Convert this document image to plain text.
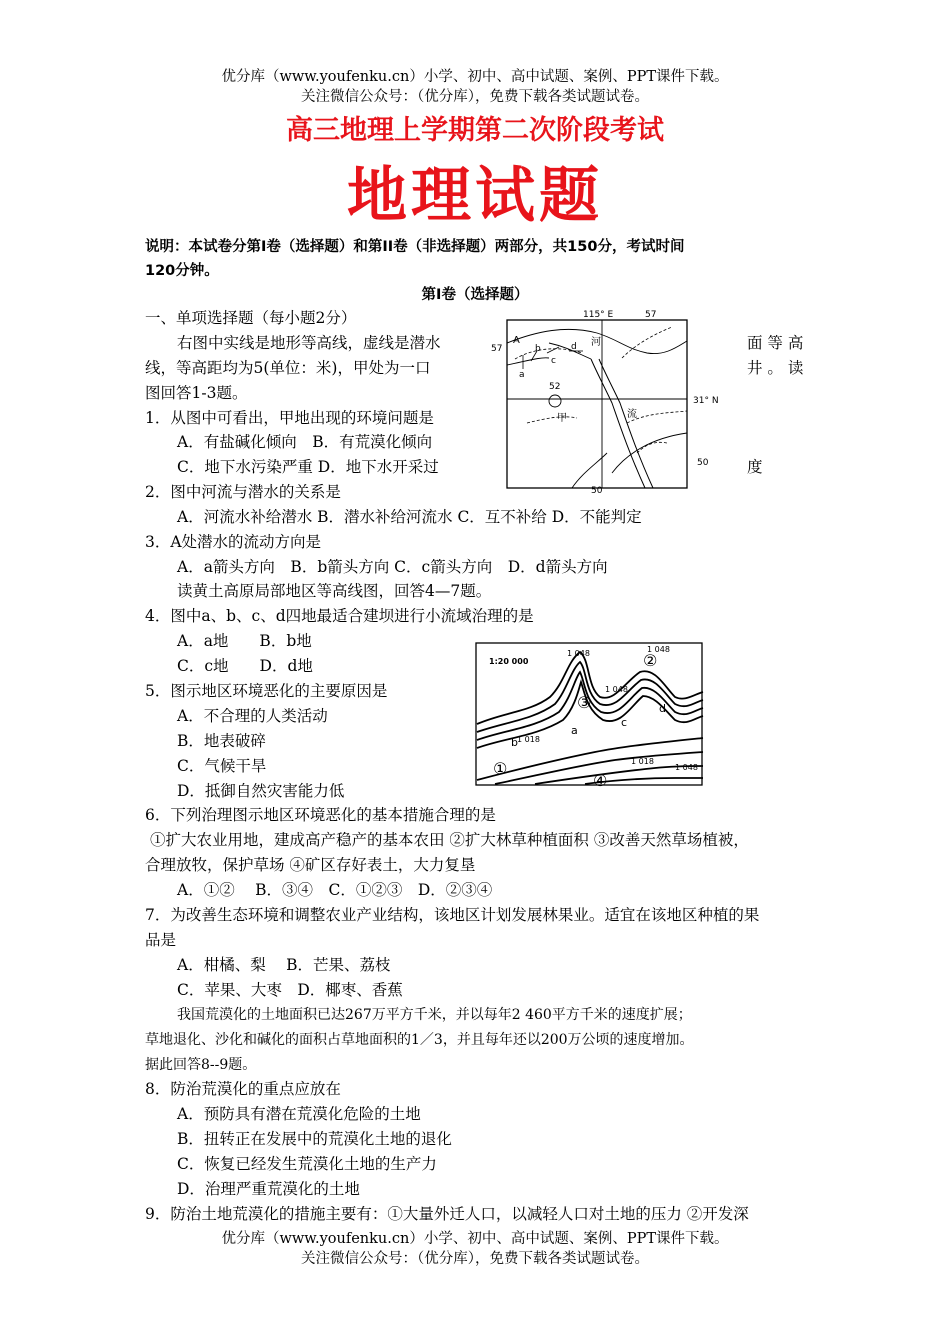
优分库（www.youfenku.cn）小学、初中、高中试题、案例、PPT课件下载。
关注微信公众号：（优分库），免费下载各类试题试卷。
高三地理上学期第二次阶段考试
地理试题
说明：本试卷分第Ⅰ卷（选择题）和第II卷（非选择题）两部分，共150分，考试时间
120分钟。
第Ⅰ卷（选择题）
一、单项选择题（每小题2分）
右图中实线是地形等高线，虚线是潜水	面 等 高
线，等高距均为5(单位：米)，甲处为一口	井 。 读
图回答1-3题。
1．从图中可看出，甲地出现的环境问题是
A．有盐碱化倾向　B．有荒漠化倾向
C．地下水污染严重 D．地下水开采过	度
2．图中河流与潜水的关系是
A．河流水补给潜水 B．潜水补给河流水 C．互不补给 D．不能判定
3．A处潜水的流动方向是
A．a箭头方向　B．b箭头方向 C．c箭头方向　D．d箭头方向
读黄土高原局部地区等高线图，回答4—7题。
4．图中a、b、c、d四地最适合建坝进行小流域治理的是
A．a地　　B．b地
C．c地　　D．d地
5．图示地区环境恶化的主要原因是
A．不合理的人类活动
B．地表破碎
C．气候干旱
D．抵御自然灾害能力低
6．下列治理图示地区环境恶化的基本措施合理的是
①扩大农业用地，建成高产稳产的基本农田 ②扩大林草种植面积 ③改善天然草场植被，
合理放牧，保护草场 ④矿区存好表土，大力复垦
A．①②　 B．③④　C．①②③　D．②③④
7．为改善生态环境和调整农业产业结构，该地区计划发展林果业。适宜在该地区种植的果
品是
A．柑橘、梨　 B．芒果、荔枝
C．苹果、大枣　D．椰枣、香蕉
我国荒漠化的土地面积已达267万平方千米，并以每年2 460平方千米的速度扩展；
草地退化、沙化和碱化的面积占草地面积的1／3，并且每年还以200万公顷的速度增加。
据此回答8--9题。
8．防治荒漠化的重点应放在
A．预防具有潜在荒漠化危险的土地
B．扭转正在发展中的荒漠化土地的退化
C．恢复已经发生荒漠化土地的生产力
D．治理严重荒漠化的土地
9．防治土地荒漠化的措施主要有：①大量外迁人口，以减轻人口对土地的压力 ②开发深
优分库（www.youfenku.cn）小学、初中、高中试题、案例、PPT课件下载。
关注微信公众号：（优分库），免费下载各类试题试卷。
115° E	57
57
31° N
50
50
52
A
a
b
c
d 河
流
甲
1:20 000
1 048	1 048
1 048
1 018
1 018
1 048
②
③
①
④
a
b
c
d
